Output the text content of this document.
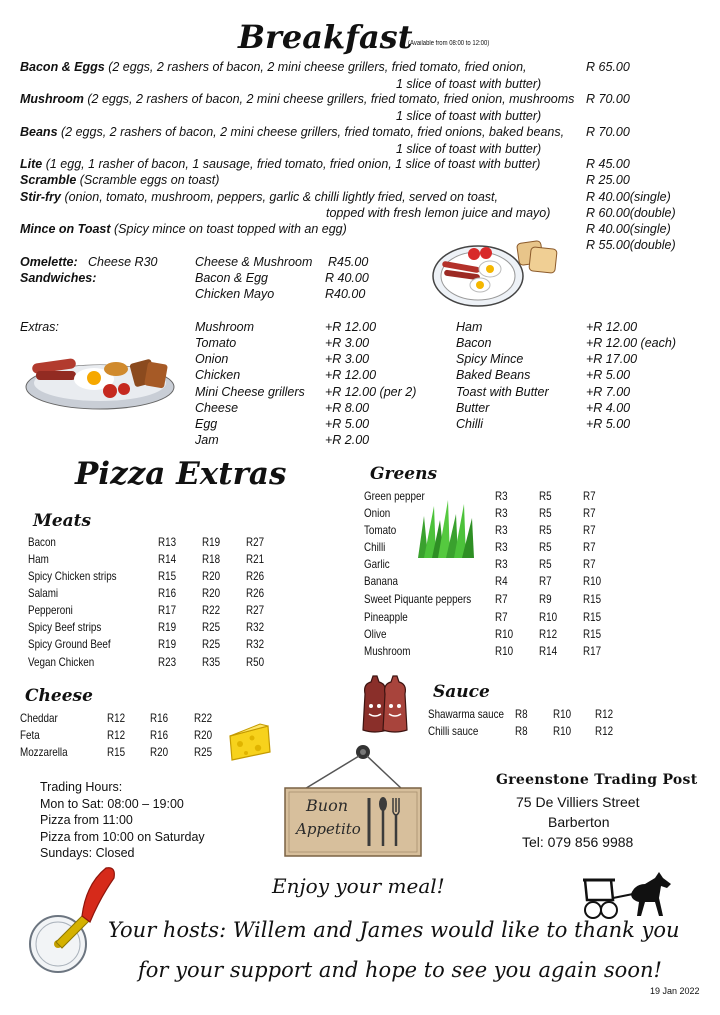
Breakfast
(Available from 08:00 to 12:00)
Bacon & Eggs (2 eggs, 2 rashers of bacon, 2 mini cheese grillers, fried tomato, fried onion,
1 slice of toast with butter)
R 65.00
Mushroom (2 eggs, 2 rashers of bacon, 2 mini cheese grillers, fried tomato, fried onion, mushrooms
1 slice of toast with butter)
R 70.00
Beans (2 eggs, 2 rashers of bacon, 2 mini cheese grillers, fried tomato, fried onions, baked beans,
1 slice of toast with butter)
R 70.00
Lite (1 egg, 1 rasher of bacon, 1 sausage, fried tomato, fried onion, 1 slice of toast with butter)	R 45.00
Scramble (Scramble eggs on toast)	R 25.00
Stir-fry (onion, tomato, mushroom, peppers, garlic & chilli lightly fried, served on toast,
topped with fresh lemon juice and mayo)
R 40.00(single)
R 60.00(double)
Mince on Toast (Spicy mince on toast topped with an egg)	R 40.00(single)
R 55.00(double)
Omelette: Cheese R30	Cheese & Mushroom R45.00
Sandwiches:	Bacon & Egg	R 40.00
Chicken Mayo	R40.00
Extras:	Mushroom	+R 12.00
Tomato	+R 3.00
Onion	+R 3.00
Chicken	+R 12.00
Mini Cheese grillers +R 12.00 (per 2)
Cheese	+R 8.00
Egg	+R 5.00
Jam	+R 2.00
Ham	+R 12.00
Bacon	+R 12.00 (each)
Spicy Mince	+R 17.00
Baked Beans	+R 5.00
Toast with Butter	+R 7.00
Butter	+R 4.00
Chilli	+R 5.00
Pizza Extras
Meats
Bacon	R13 R19 R27
Ham	R14 R18 R21
Spicy Chicken strips	R15 R20 R26
Salami	R16 R20 R26
Pepperoni	R17 R22 R27
Spicy Beef strips	R19 R25 R32
Spicy Ground Beef	R19 R25 R32
Vegan Chicken	R23 R35 R50
Greens
Green pepper	R3	R5	R7
Onion	R3	R5	R7
Tomato	R3	R5	R7
Chilli	R3	R5	R7
Garlic	R3	R5	R7
Banana	R4	R7	R10
Sweet Piquante peppers R7	R9	R15
Pineapple	R7	R10 R15
Olive	R10 R12 R15
Mushroom	R10 R14 R17
Cheese
Cheddar	R12 R16 R22
Feta	R12 R16 R20
Mozzarella	R15 R20 R25
Sauce
Shawarma sauce R8 R10 R12
Chilli sauce	R8 R10 R12
Trading Hours:
Mon to Sat: 08:00 – 19:00
Pizza from 11:00
Pizza from 10:00 on Saturday
Sundays: Closed
Buon
Appetito
Greenstone Trading Post
75 De Villiers Street
Barberton
Tel: 079 856 9988
Enjoy your meal!
Your hosts: Willem and James would like to thank you
for your support and hope to see you again soon!
19 Jan 2022
